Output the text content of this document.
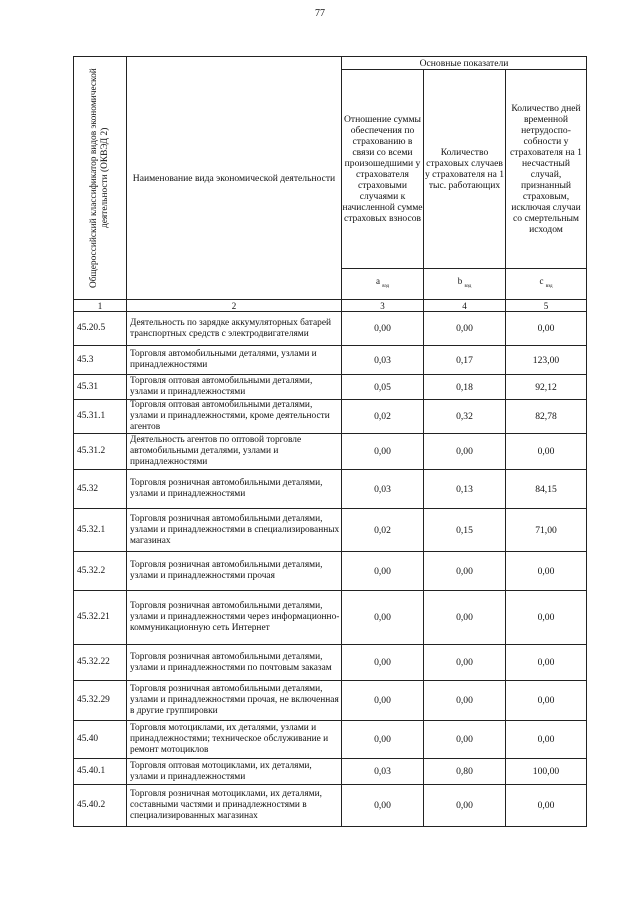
77
Общероссийский классификатор видов экономической деятельности (ОКВЭД 2)	Наименование вида экономической деятельности	Основные показатели		
		Отношение суммы обеспечения по страхованию в связи со всеми произошедшими у страхователя страховыми случаями к начисленной сумме страховых взносов	Количество страховых случаев у страхователя на 1 тыс. работающих	Количество дней временной нетрудоспо-собности у страхователя на 1 несчастный случай, признанный страховым, исключая случаи со смертельным исходом
		a $_{вэд}$	b $_{вэд}$	c $_{вэд}$
1	2	3	4	5
45.20.5	Деятельность по зарядке аккумуляторных батарей транспортных средств с электродвигателями	0,00	0,00	0,00
45.3	Торговля автомобильными деталями, узлами и принадлежностями	0,03	0,17	123,00
45.31	Торговля оптовая автомобильными деталями, узлами и принадлежностями	0,05	0,18	92,12
45.31.1	Торговля оптовая автомобильными деталями, узлами и принадлежностями, кроме деятельности агентов	0,02	0,32	82,78
45.31.2	Деятельность агентов по оптовой торговле автомобильными деталями, узлами и принадлежностями	0,00	0,00	0,00
45.32	Торговля розничная автомобильными деталями, узлами и принадлежностями	0,03	0,13	84,15
45.32.1	Торговля розничная автомобильными деталями, узлами и принадлежностями в специализированных магазинах	0,02	0,15	71,00
45.32.2	Торговля розничная автомобильными деталями, узлами и принадлежностями прочая	0,00	0,00	0,00
45.32.21	Торговля розничная автомобильными деталями, узлами и принадлежностями через информационно-коммуникационную сеть Интернет	0,00	0,00	0,00
45.32.22	Торговля розничная автомобильными деталями, узлами и принадлежностями по почтовым заказам	0,00	0,00	0,00
45.32.29	Торговля розничная автомобильными деталями, узлами и принадлежностями прочая, не включенная в другие группировки	0,00	0,00	0,00
45.40	Торговля мотоциклами, их деталями, узлами и принадлежностями; техническое обслуживание и ремонт мотоциклов	0,00	0,00	0,00
45.40.1	Торговля оптовая мотоциклами, их деталями, узлами и принадлежностями	0,03	0,80	100,00
45.40.2	Торговля розничная мотоциклами, их деталями, составными частями и принадлежностями в специализированных магазинах	0,00	0,00	0,00
